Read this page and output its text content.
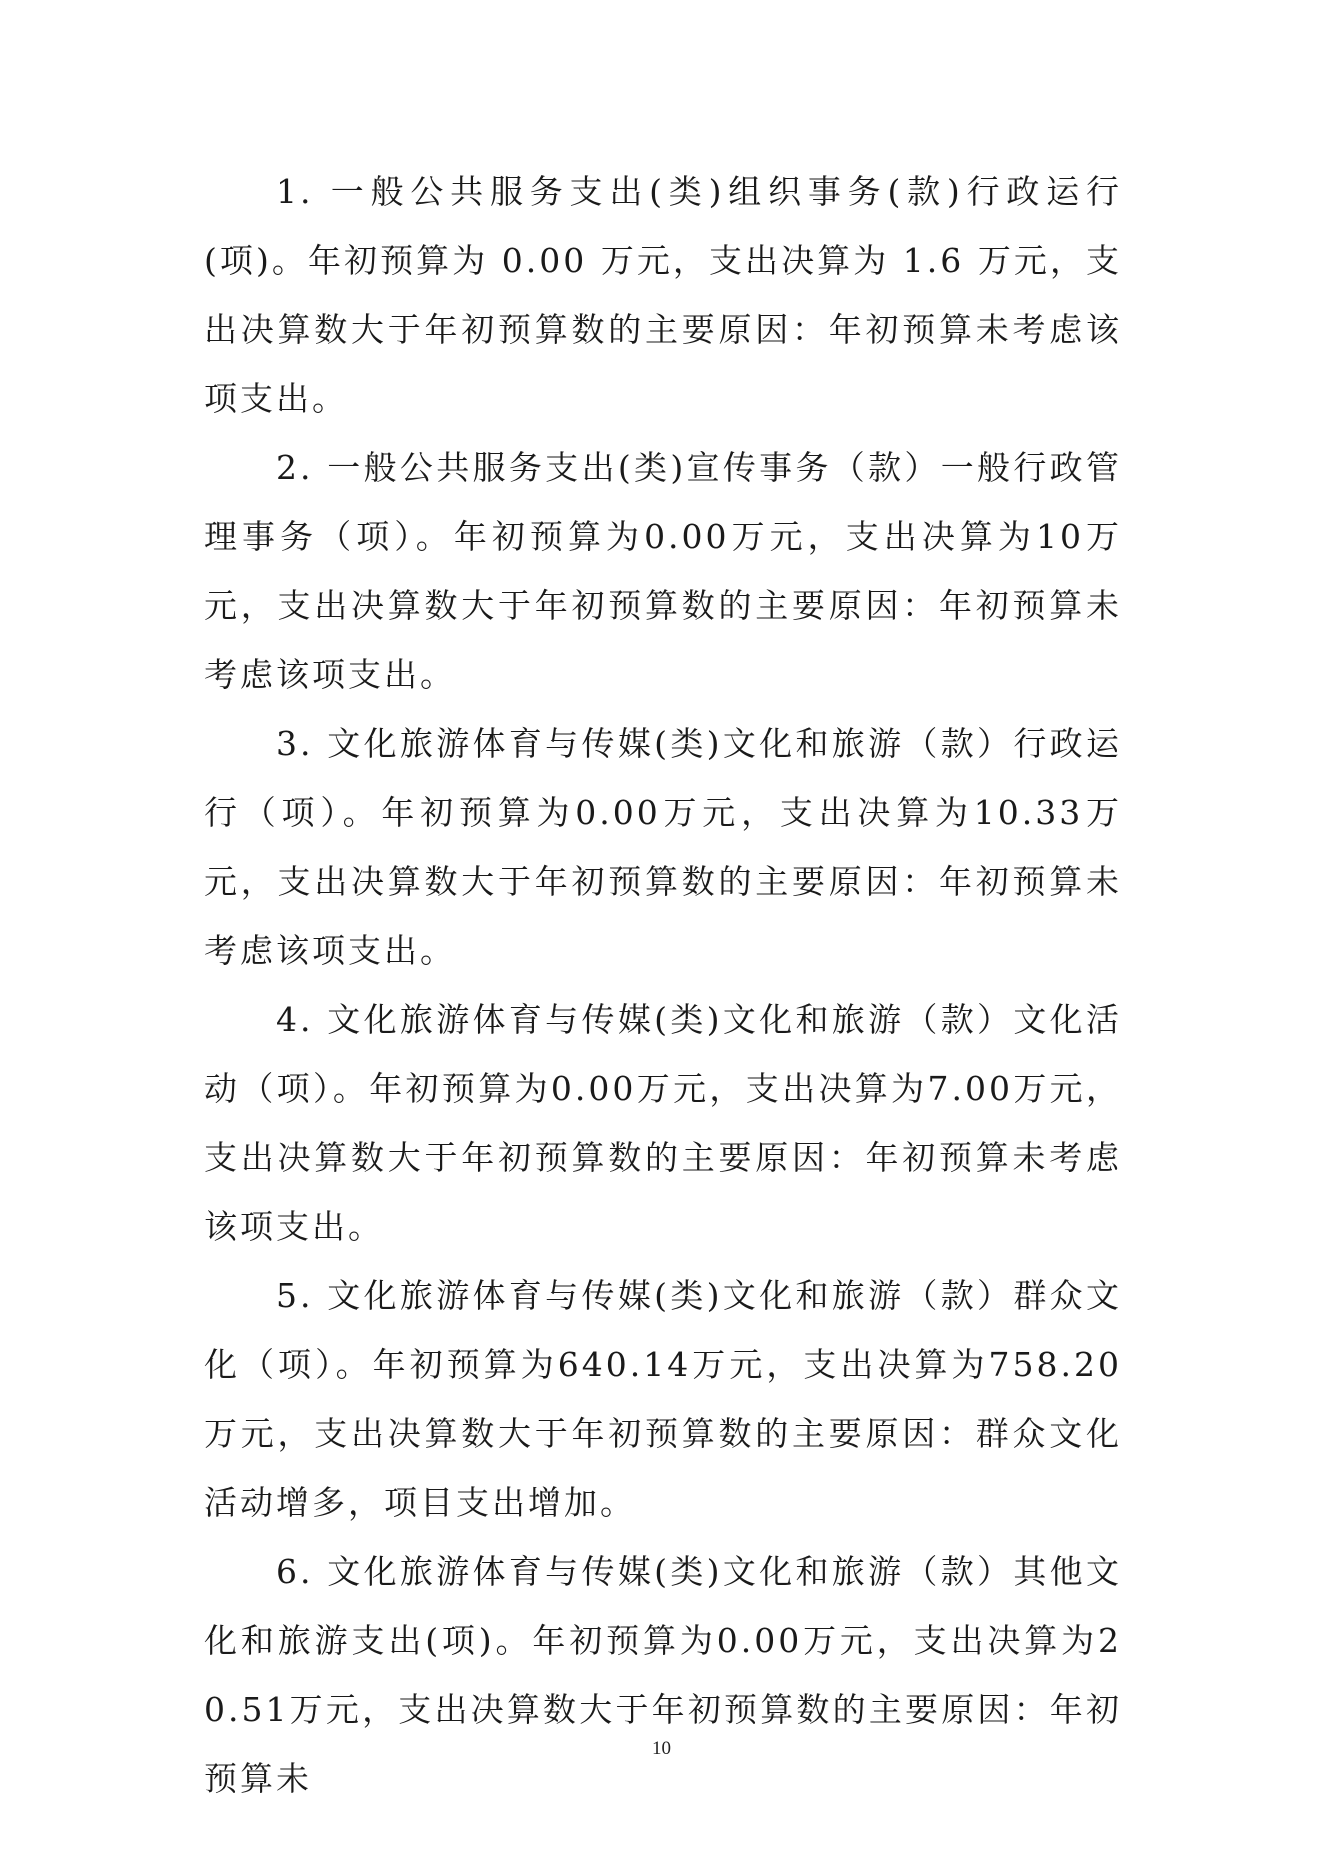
1. 一般公共服务支出(类)组织事务(款)行政运行(项)。年初预算为 0.00 万元，支出决算为 1.6 万元，支出决算数大于年初预算数的主要原因：年初预算未考虑该项支出。

2. 一般公共服务支出(类)宣传事务（款）一般行政管理事务（项）。年初预算为0.00万元，支出决算为10万元，支出决算数大于年初预算数的主要原因：年初预算未考虑该项支出。

3. 文化旅游体育与传媒(类)文化和旅游（款）行政运行（项）。年初预算为0.00万元，支出决算为10.33万元，支出决算数大于年初预算数的主要原因：年初预算未考虑该项支出。

4. 文化旅游体育与传媒(类)文化和旅游（款）文化活动（项）。年初预算为0.00万元，支出决算为7.00万元，支出决算数大于年初预算数的主要原因：年初预算未考虑该项支出。

5. 文化旅游体育与传媒(类)文化和旅游（款）群众文化（项）。年初预算为640.14万元，支出决算为758.20万元，支出决算数大于年初预算数的主要原因：群众文化活动增多，项目支出增加。

6. 文化旅游体育与传媒(类)文化和旅游（款）其他文化和旅游支出(项)。年初预算为0.00万元，支出决算为20.51万元，支出决算数大于年初预算数的主要原因：年初预算未

10
